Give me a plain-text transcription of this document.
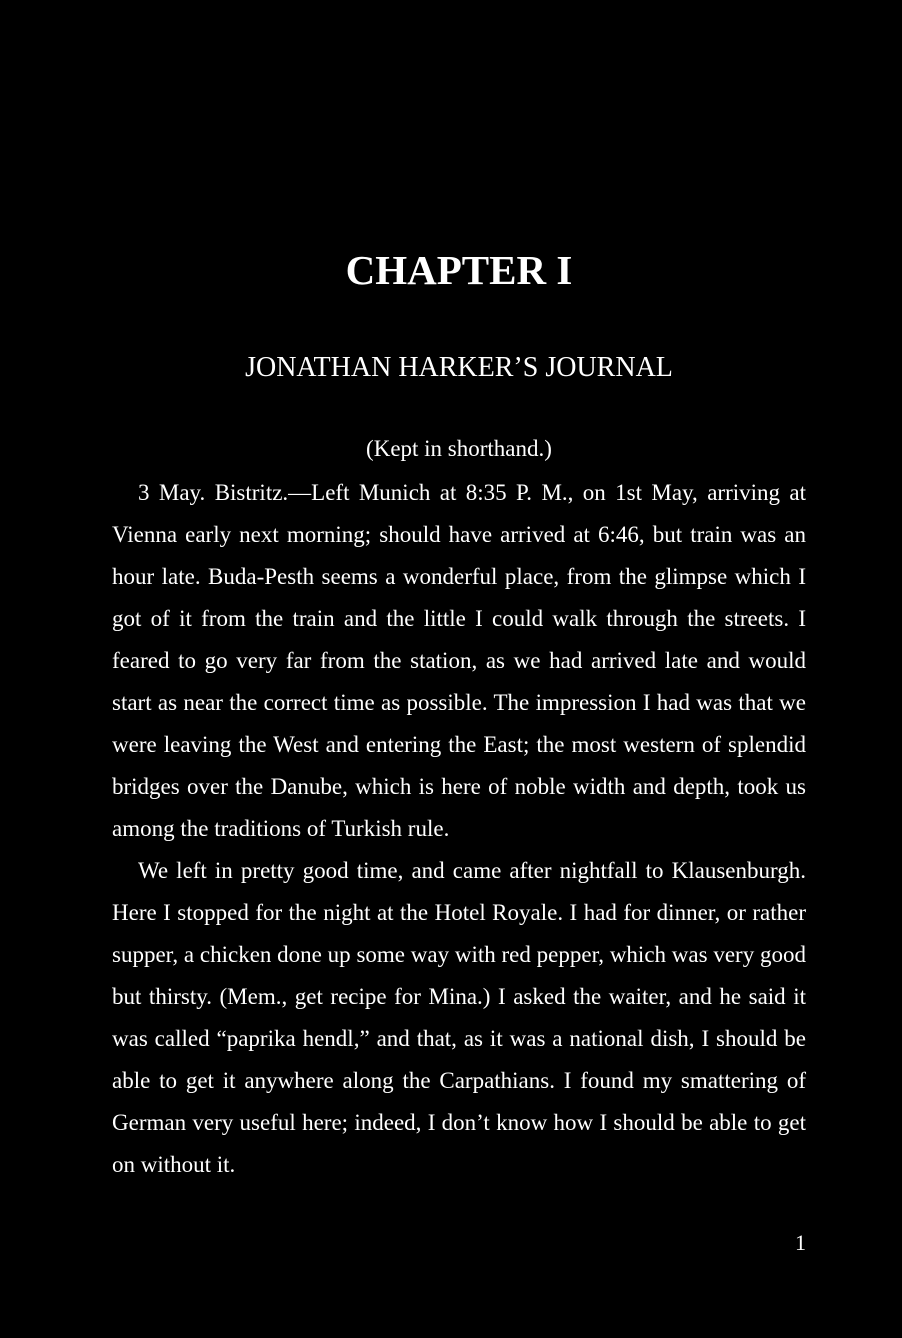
CHAPTER I
JONATHAN HARKER’S JOURNAL
(Kept in shorthand.)

3 May. Bistritz.—Left Munich at 8:35 P. M., on 1st May, arriving at Vienna early next morning; should have arrived at 6:46, but train was an hour late. Buda-Pesth seems a wonderful place, from the glimpse which I got of it from the train and the little I could walk through the streets. I feared to go very far from the station, as we had arrived late and would start as near the correct time as possible. The impression I had was that we were leaving the West and entering the East; the most western of splendid bridges over the Danube, which is here of noble width and depth, took us among the traditions of Turkish rule.

We left in pretty good time, and came after nightfall to Klausenburgh. Here I stopped for the night at the Hotel Royale. I had for dinner, or rather supper, a chicken done up some way with red pepper, which was very good but thirsty. (Mem., get recipe for Mina.) I asked the waiter, and he said it was called “paprika hendl,” and that, as it was a national dish, I should be able to get it anywhere along the Carpathians. I found my smattering of German very useful here; indeed, I don’t know how I should be able to get on without it.

1
